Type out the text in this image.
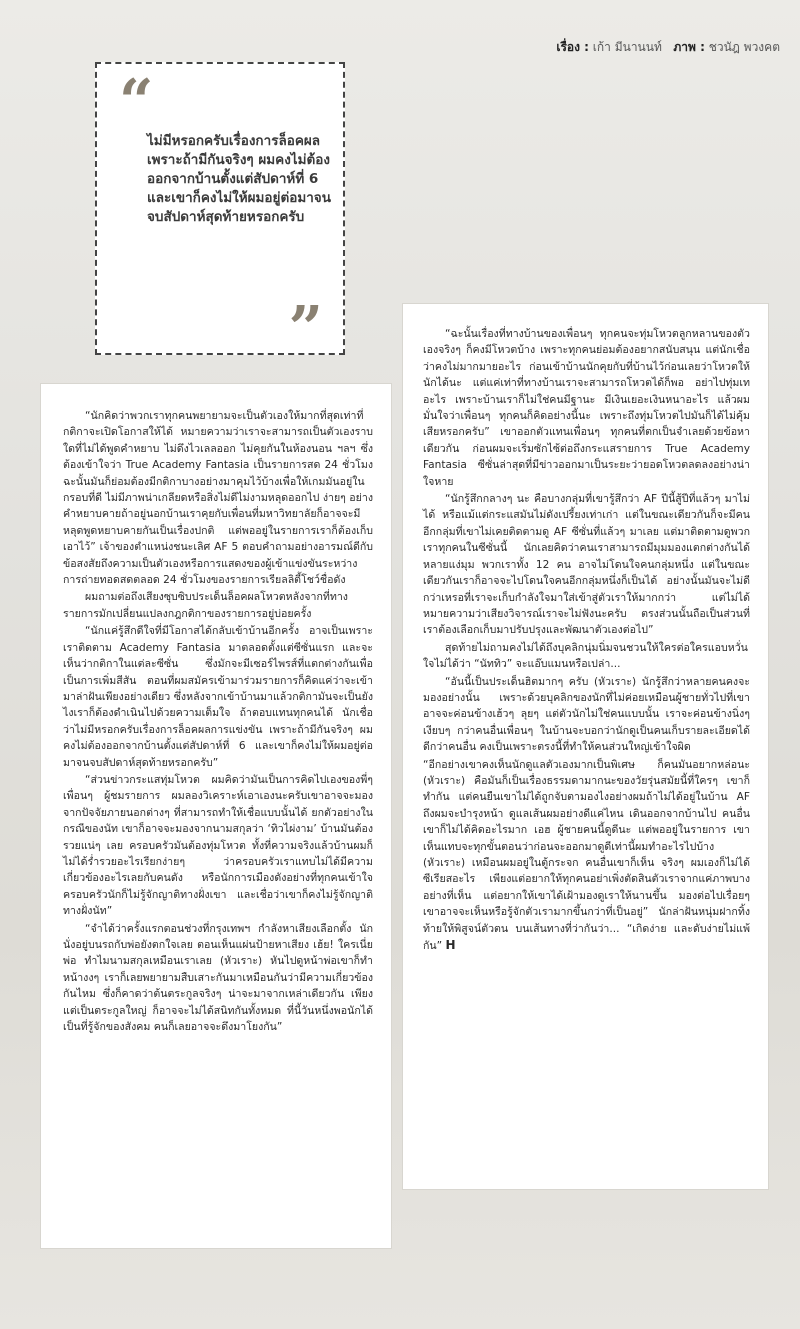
เรื่อง : เก้า มีนานนท์ ภาพ : ชวนัฎ พวงคต
“
ไม่มีหรอกครับเรื่องการล็อคผล เพราะถ้ามีกันจริงๆ ผมคงไม่ต้องออกจากบ้านตั้งแต่สัปดาห์ที่ 6 และเขาก็คงไม่ให้ผมอยู่ต่อมาจนจบสัปดาห์สุดท้ายหรอกครับ
”

“นักคิดว่าพวกเราทุกคนพยายามจะเป็นตัวเองให้มากที่สุดเท่าที่กติกาจะเปิดโอกาสให้ได้ หมายความว่าเราจะสามารถเป็นตัวเองราบใดที่ไม่ได้พูดคำหยาบ ไม่ดึงไวเลลออก ไม่คุยกันในห้องนอน ฯลฯ ซึ่งต้องเข้าใจว่า True Academy Fantasia เป็นรายการสด 24 ชั่วโมง ฉะนั้นมันก็ย่อมต้องมีกติกาบางอย่างมาคุมไว้บ้างเพื่อให้เกมมันอยู่ในกรอบที่ดี ไม่มีภาพน่าเกลียดหรือสิ่งไม่ดีไม่งามหลุดออกไป ง่ายๆ อย่างคำหยาบคายถ้าอยู่นอกบ้านเราคุยกับเพื่อนที่มหาวิทยาลัยก็อาจจะมีหลุดพูดหยาบคายกันเป็นเรื่องปกติ แต่พออยู่ในรายการเราก็ต้องเก็บเอาไว้” เจ้าของตำแหน่งชนะเลิศ AF 5 ตอบคำถามอย่างอารมณ์ดีกับข้อสงสัยถึงความเป็นตัวเองหรือการแสดงของผู้เข้าแข่งขันระหว่างการถ่ายทอดสดตลอด 24 ชั่วโมงของรายการเรียลลิตี้โชว์ชื่อดัง

ผมถามต่อถึงเสียงซุบซิบประเด็นล็อคผลโหวตหลังจากที่ทางรายการมักเปลี่ยนแปลงกฎกติกาของรายการอยู่บ่อยครั้ง

“นักแค่รู้สึกดีใจที่มีโอกาสได้กลับเข้าบ้านอีกครั้ง อาจเป็นเพราะเราติดตาม Academy Fantasia มาตลอดตั้งแต่ซีซั่นแรก และจะเห็นว่ากติกาในแต่ละซีซั่น ซึ่งมักจะมีเซอร์ไพรส์ที่แตกต่างกันเพื่อเป็นการเพิ่มสีสัน ตอนที่ผมสมัครเข้ามาร่วมรายการก็คิดแค่ว่าจะเข้ามาล่าฝันเพียงอย่างเดียว ซึ่งหลังจากเข้าบ้านมาแล้วกติกามันจะเป็นยังไงเราก็ต้องดำเนินไปด้วยความเต็มใจ ถ้าตอบแทนทุกคนได้ นักเชื่อว่าไม่มีหรอกครับเรื่องการล็อคผลการแข่งขัน เพราะถ้ามีกันจริงๆ ผมคงไม่ต้องออกจากบ้านตั้งแต่สัปดาห์ที่ 6 และเขาก็คงไม่ให้ผมอยู่ต่อมาจนจบสัปดาห์สุดท้ายหรอกครับ”

“ส่วนข่าวกระแสทุ่มโหวต ผมคิดว่ามันเป็นการคิดไปเองของพี่ๆ เพื่อนๆ ผู้ชมรายการ ผมลองวิเคราะห์เอาเองนะครับเขาอาจจะมองจากปัจจัยภายนอกต่างๆ ที่สามารถทำให้เชื่อแบบนั้นได้ ยกตัวอย่างในกรณีของนัท เขาก็อาจจะมองจากนามสกุลว่า ‘ทิวไผ่งาม’ บ้านมันต้องรวยแน่ๆ เลย ครอบครัวมันต้องทุ่มโหวต ทั้งที่ความจริงแล้วบ้านผมก็ไม่ได้ร่ำรวยอะไรเรียกง่ายๆ ว่าครอบครัวเราแทบไม่ได้มีความเกี่ยวข้องอะไรเลยกับคนดัง หรือนักการเมืองดังอย่างที่ทุกคนเข้าใจ ครอบครัวนักก็ไม่รู้จักญาติทางฝั่งเขา และเชื่อว่าเขาก็คงไม่รู้จักญาติทางฝั่งนัท”

“จำได้ว่าครั้งแรกตอนช่วงที่กรุงเทพฯ กำลังหาเสียงเลือกตั้ง นักนั่งอยู่บนรถกับพ่อยังตกใจเลย ตอนเห็นแผ่นป้ายหาเสียง เฮ้ย! ใครเนี่ยพ่อ ทำไมนามสกุลเหมือนเราเลย (หัวเราะ) หันไปดูหน้าพ่อเขาก็ทำหน้างงๆ เราก็เลยพยายามสืบเสาะกันมาเหมือนกันว่ามีความเกี่ยวข้องกันไหม ซึ่งก็คาดว่าต้นตระกูลจริงๆ น่าจะมาจากเหล่าเดียวกัน เพียงแต่เป็นตระกูลใหญ่ ก็อาจจะไม่ได้สนิทกันทั้งหมด ที่นี้วันหนึ่งพอนักได้เป็นที่รู้จักของสังคม คนก็เลยอาจจะดึงมาโยงกัน”

“ฉะนั้นเรื่องที่ทางบ้านของเพื่อนๆ ทุกคนจะทุ่มโหวตลูกหลานของตัวเองจริงๆ ก็คงมีโหวตบ้าง เพราะทุกคนย่อมต้องอยากสนับสนุน แต่นักเชื่อว่าคงไม่มากมายอะไร ก่อนเข้าบ้านนักคุยกับที่บ้านไว้ก่อนเลยว่าโหวตให้นักได้นะ แต่แค่เท่าที่ทางบ้านเราจะสามารถโหวตได้ก็พอ อย่าไปทุ่มเทอะไร เพราะบ้านเราก็ไม่ใช่คนมีฐานะ มีเงินเยอะเงินหนาอะไร แล้วผมมั่นใจว่าเพื่อนๆ ทุกคนก็คิดอย่างนี้นะ เพราะถึงทุ่มโหวตไปมันก็ได้ไม่คุ้มเสียหรอกครับ” เขาออกตัวแทนเพื่อนๆ ทุกคนที่ตกเป็นจำเลยด้วยข้อหาเดียวกัน ก่อนผมจะเริ่มซักไซ้ต่อถึงกระแสรายการ True Academy Fantasia ซีซั่นล่าสุดที่มีข่าวออกมาเป็นระยะว่ายอดโหวตลดลงอย่างน่าใจหาย

“นักรู้สึกกลางๆ นะ คือบางกลุ่มที่เขารู้สึกว่า AF ปีนี้สู้ปีที่แล้วๆ มาไม่ได้ หรือแม้แต่กระแสมันไม่ดังเปรี้ยงเท่าเก่า แต่ในขณะเดียวกันก็จะมีคนอีกกลุ่มที่เขาไม่เคยติดตามดู AF ซีซั่นที่แล้วๆ มาเลย แต่มาติดตามดูพวกเราทุกคนในซีซั่นนี้ นักเลยคิดว่าคนเราสามารถมีมุมมองแตกต่างกันได้หลายแง่มุม พวกเราทั้ง 12 คน อาจไม่โดนใจคนกลุ่มหนึ่ง แต่ในขณะเดียวกันเราก็อาจจะไปโดนใจคนอีกกลุ่มหนึ่งก็เป็นได้ อย่างนั้นมันจะไม่ดีกว่าเหรอที่เราจะเก็บกำลังใจมาใส่เข้าสู่ตัวเราให้มากกว่า แต่ไม่ได้หมายความว่าเสียงวิจารณ์เราจะไม่ฟังนะครับ ตรงส่วนนั้นถือเป็นส่วนที่เราต้องเลือกเก็บมาปรับปรุงและพัฒนาตัวเองต่อไป”

สุดท้ายไม่ถามคงไม่ได้ถึงบุคลิกนุ่มนิ่มจนชวนให้ใครต่อใครแอบหวั่นใจไม่ได้ว่า “นัททิว” จะแอ๊บแมนหรือเปล่า...

“อันนี้เป็นประเด็นฮิตมากๆ ครับ (หัวเราะ) นักรู้สึกว่าหลายคนคงจะมองอย่างนั้น เพราะด้วยบุคลิกของนักที่ไม่ค่อยเหมือนผู้ชายทั่วไปที่เขาอาจจะค่อนข้างเฮ้วๆ ลุยๆ แต่ตัวนักไม่ใช่คนแบบนั้น เราจะค่อนข้างนิ่งๆ เงียบๆ กว่าคนอื่นเพื่อนๆ ในบ้านจะบอกว่านักดูเป็นคนเก็บรายละเอียดได้ดีกว่าคนอื่น คงเป็นเพราะตรงนี้ที่ทำให้คนส่วนใหญ่เข้าใจผิด

“อีกอย่างเขาคงเห็นนักดูแลตัวเองมากเป็นพิเศษ ก็คนมันอยากหล่อนะ (หัวเราะ) คือมันก็เป็นเรื่องธรรมดามากนะของวัยรุ่นสมัยนี้ที่ใครๆ เขาก็ทำกัน แต่คนยืนเขาไม่ได้ถูกจับตามองไงอย่างผมถ้าไม่ได้อยู่ในบ้าน AF ถึงผมจะบำรุงหน้า ดูแลเส้นผมอย่างดีแค่ไหน เดินออกจากบ้านไป คนอื่นเขาก็ไม่ได้คิดอะไรมาก เอฮ ผู้ชายคนนี้ดูดีนะ แต่พออยู่ในรายการ เขาเห็นแทบจะทุกขั้นตอนว่าก่อนจะออกมาดูดีเท่านี้ผมทำอะไรไปบ้าง (หัวเราะ) เหมือนผมอยู่ในตู้กระจก คนอื่นเขาก็เห็น จริงๆ ผมเองก็ไม่ได้ซีเรียสอะไร เพียงแต่อยากให้ทุกคนอย่าเพิ่งตัดสินตัวเราจากแค่ภาพบางอย่างที่เห็น แต่อยากให้เขาได้เฝ้ามองดูเราให้นานขึ้น มองต่อไปเรื่อยๆ เขาอาจจะเห็นหรือรู้จักตัวเรามากขึ้นกว่าที่เป็นอยู่” นักล่าฝันหนุ่มฝากทิ้งท้ายให้พิสูจน์ตัวตน บนเส้นทางที่ว่ากันว่า... “เกิดง่าย และดับง่ายไม่แพ้กัน” H
